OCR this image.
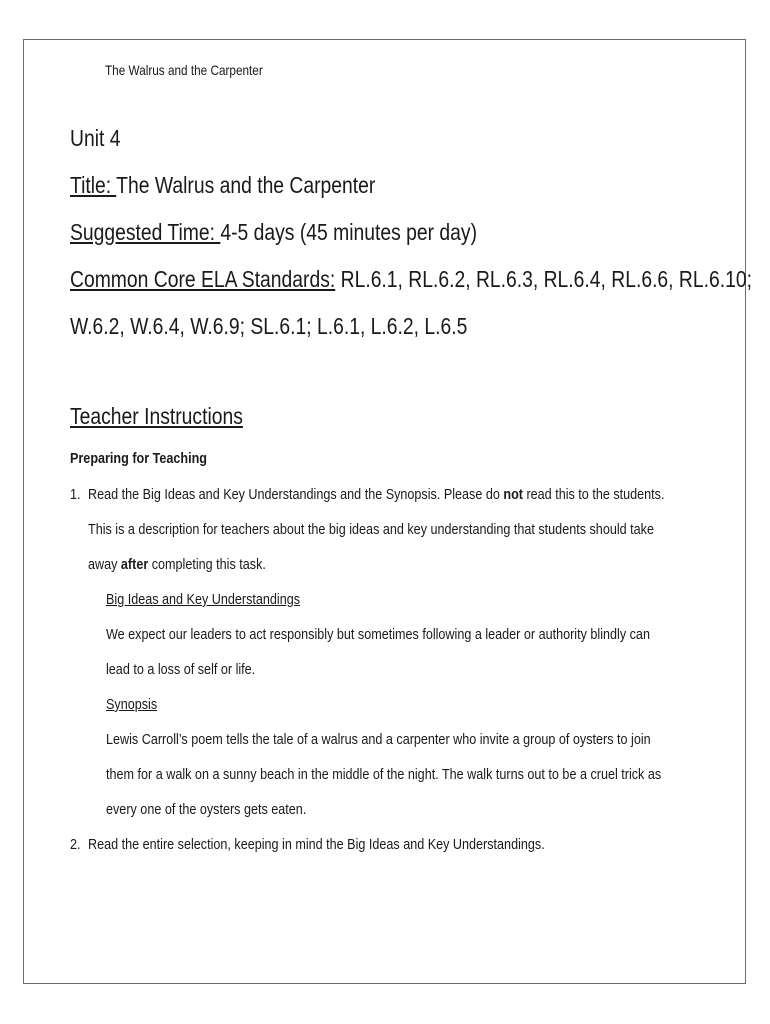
The Walrus and the Carpenter
Unit 4
Title: The Walrus and the Carpenter
Suggested Time: 4-5 days (45 minutes per day)
Common Core ELA Standards: RL.6.1, RL.6.2, RL.6.3, RL.6.4, RL.6.6, RL.6.10;
W.6.2, W.6.4, W.6.9; SL.6.1; L.6.1, L.6.2, L.6.5
Teacher Instructions
Preparing for Teaching
1. Read the Big Ideas and Key Understandings and the Synopsis. Please do not read this to the students.
This is a description for teachers about the big ideas and key understanding that students should take
away after completing this task.
Big Ideas and Key Understandings
We expect our leaders to act responsibly but sometimes following a leader or authority blindly can
lead to a loss of self or life.
Synopsis
Lewis Carroll’s poem tells the tale of a walrus and a carpenter who invite a group of oysters to join
them for a walk on a sunny beach in the middle of the night. The walk turns out to be a cruel trick as
every one of the oysters gets eaten.
2. Read the entire selection, keeping in mind the Big Ideas and Key Understandings.
